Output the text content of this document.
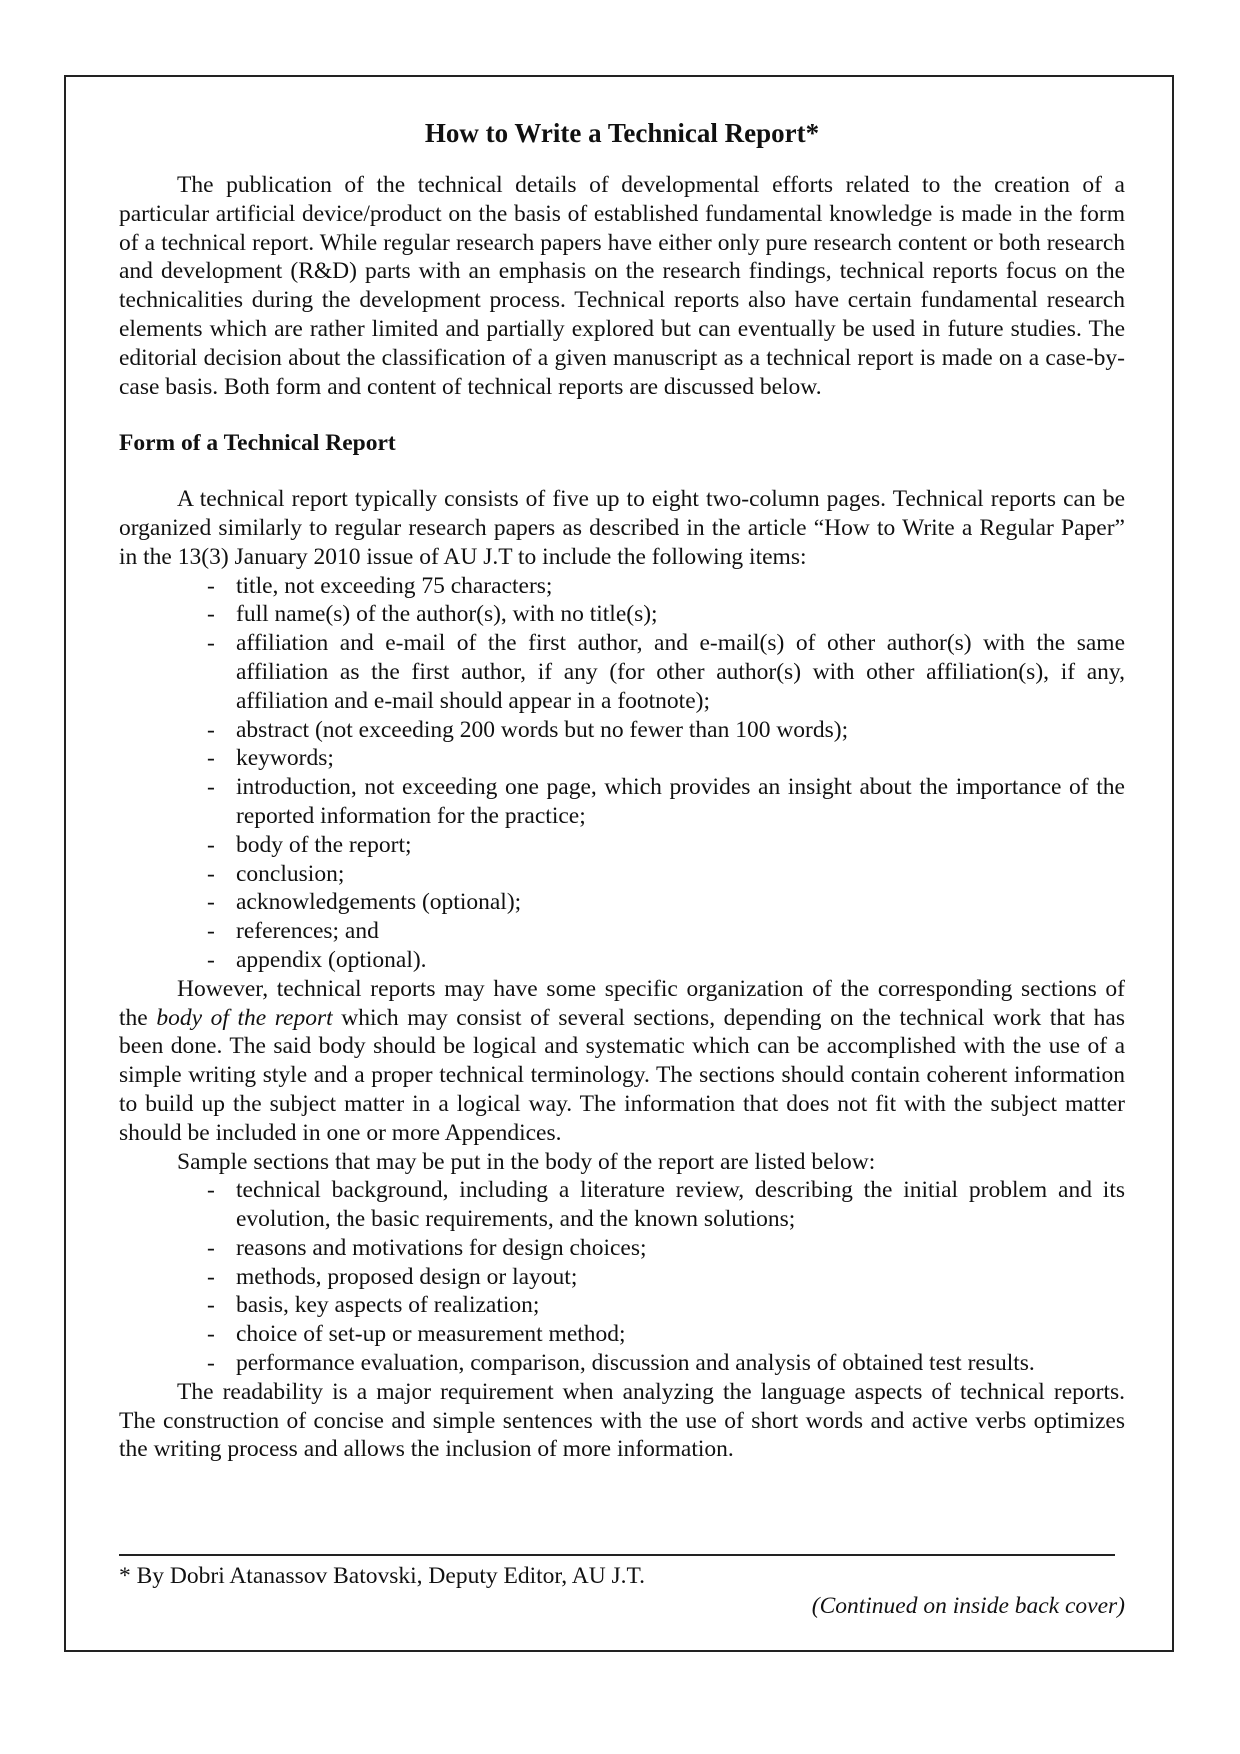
How to Write a Technical Report*

The publication of the technical details of developmental efforts related to the creation of a particular artificial device/product on the basis of established fundamental knowledge is made in the form of a technical report. While regular research papers have either only pure research content or both research and development (R&D) parts with an emphasis on the research findings, technical reports focus on the technicalities during the development process. Technical reports also have certain fundamental research elements which are rather limited and partially explored but can eventually be used in future studies. The editorial decision about the classification of a given manuscript as a technical report is made on a case-by-case basis. Both form and content of technical reports are discussed below.

Form of a Technical Report

A technical report typically consists of five up to eight two-column pages. Technical reports can be organized similarly to regular research papers as described in the article “How to Write a Regular Paper” in the 13(3) January 2010 issue of AU J.T to include the following items:

- title, not exceeding 75 characters;
- full name(s) of the author(s), with no title(s);
- affiliation and e-mail of the first author, and e-mail(s) of other author(s) with the same affiliation as the first author, if any (for other author(s) with other affiliation(s), if any, affiliation and e-mail should appear in a footnote);
- abstract (not exceeding 200 words but no fewer than 100 words);
- keywords;
- introduction, not exceeding one page, which provides an insight about the importance of the reported information for the practice;
- body of the report;
- conclusion;
- acknowledgements (optional);
- references; and
- appendix (optional).

However, technical reports may have some specific organization of the corresponding sections of the body of the report which may consist of several sections, depending on the technical work that has been done. The said body should be logical and systematic which can be accomplished with the use of a simple writing style and a proper technical terminology. The sections should contain coherent information to build up the subject matter in a logical way. The information that does not fit with the subject matter should be included in one or more Appendices.

Sample sections that may be put in the body of the report are listed below:

- technical background, including a literature review, describing the initial problem and its evolution, the basic requirements, and the known solutions;
- reasons and motivations for design choices;
- methods, proposed design or layout;
- basis, key aspects of realization;
- choice of set-up or measurement method;
- performance evaluation, comparison, discussion and analysis of obtained test results.

The readability is a major requirement when analyzing the language aspects of technical reports. The construction of concise and simple sentences with the use of short words and active verbs optimizes the writing process and allows the inclusion of more information.

* By Dobri Atanassov Batovski, Deputy Editor, AU J.T.
(Continued on inside back cover)
